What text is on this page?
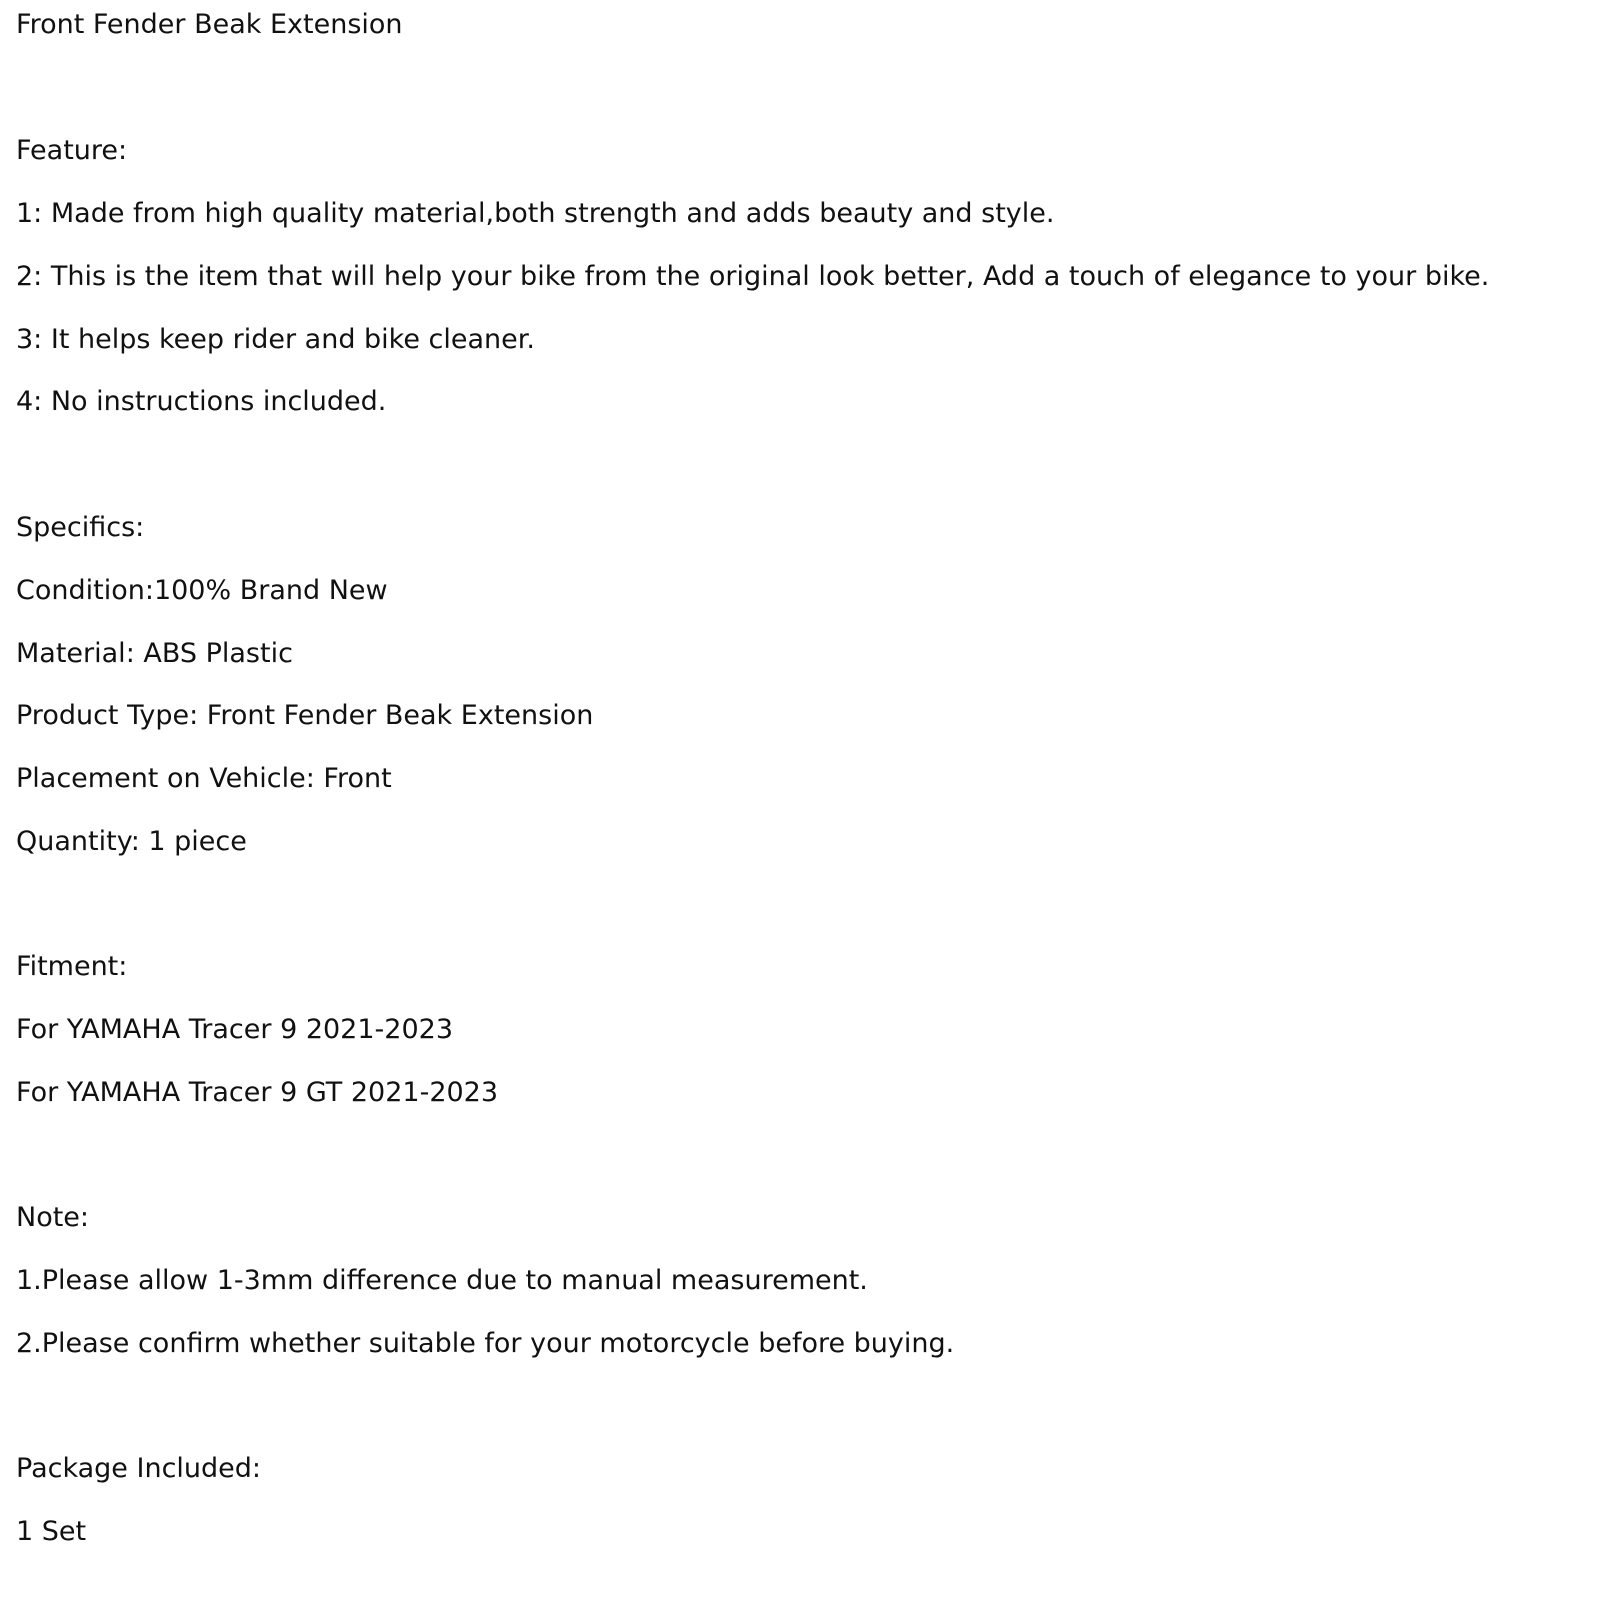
Front Fender Beak Extension
Feature:
1: Made from high quality material,both strength and adds beauty and style.
2: This is the item that will help your bike from the original look better, Add a touch of elegance to your bike.
3: It helps keep rider and bike cleaner.
4: No instructions included.
Specifics:
Condition:100% Brand New
Material: ABS Plastic
Product Type: Front Fender Beak Extension
Placement on Vehicle: Front
Quantity: 1 piece
Fitment:
For YAMAHA Tracer 9 2021-2023
For YAMAHA Tracer 9 GT 2021-2023
Note:
1.Please allow 1-3mm difference due to manual measurement.
2.Please confirm whether suitable for your motorcycle before buying.
Package Included:
1 Set
